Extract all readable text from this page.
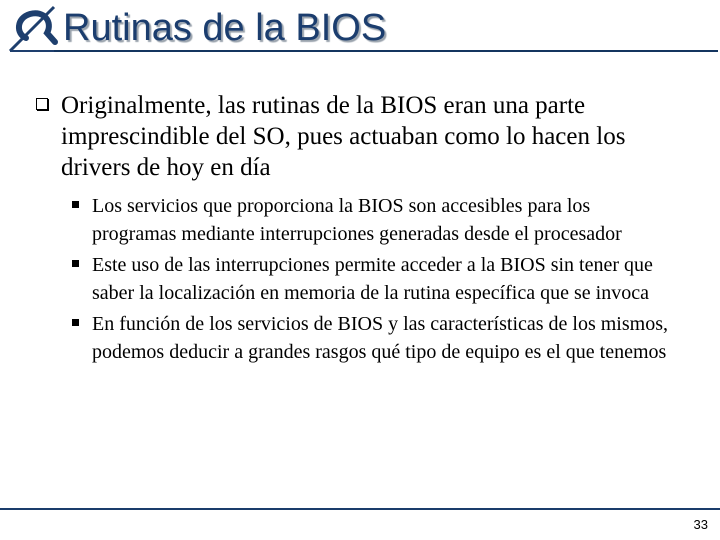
Rutinas de la BIOS
Originalmente, las rutinas de la BIOS eran una parte imprescindible del SO, pues actuaban como lo hacen los drivers de hoy en día
Los servicios que proporciona la BIOS son accesibles para los programas mediante interrupciones generadas desde el procesador
Este uso de las interrupciones permite acceder a la BIOS sin tener que saber la localización en memoria de la rutina específica que se invoca
En función de los servicios de BIOS y las características de los mismos, podemos deducir a grandes rasgos qué tipo de equipo es el que tenemos
33
